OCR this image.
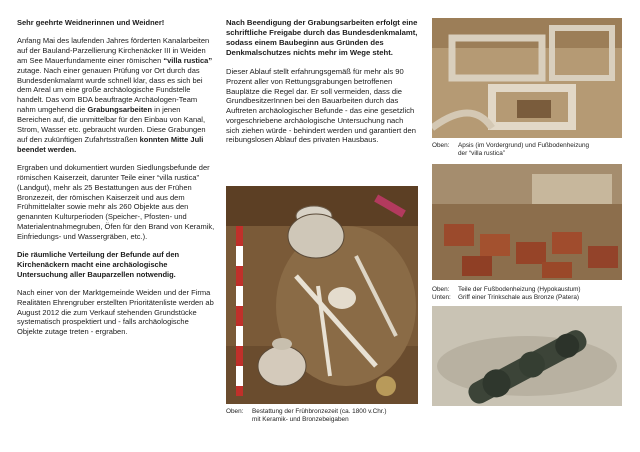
Sehr geehrte Weidnerinnen und Weidner!

Anfang Mai des laufenden Jahres förderten Kanalarbeiten auf der Bauland-Parzellierung Kirchenäcker III in Weiden am See Mauerfundamente einer römischen “villa rustica” zutage. Nach einer genauen Prüfung vor Ort durch das Bundesdenkmalamt wurde schnell klar, dass es sich bei dem Areal um eine große archäologische Fundstelle handelt. Das vom BDA beauftragte Archäologen-Team nahm umgehend die Grabungsarbeiten in jenen Bereichen auf, die unmittelbar für den Einbau von Kanal, Strom, Wasser etc. gebraucht wurden. Diese Grabungen auf den zukünftigen Zufahrtsstraßen konnten Mitte Juli beendet werden.

Ergraben und dokumentiert wurden Siedlungsbefunde der römischen Kaiserzeit, darunter Teile einer “villa rustica” (Landgut), mehr als 25 Bestattungen aus der Frühen Bronzezeit, der römischen Kaiserzeit und aus dem Frühmittelalter sowie mehr als 260 Objekte aus den genannten Kulturperioden (Speicher-, Pfosten- und Materialentnahmegruben, Öfen für den Brand von Keramik, Einfriedungs- und Wassergräben, etc.).

Die räumliche Verteilung der Befunde auf den Kirchenäckern macht eine archäologische Untersuchung aller Bauparzellen notwendig.

Nach einer von der Marktgemeinde Weiden und der Firma Realitäten Ehrengruber erstellten Prioritätenliste werden ab August 2012 die zum Verkauf stehenden Grundstücke systematisch prospektiert und - falls archäologische Objekte zutage treten - ergraben.

Nach Beendigung der Grabungsarbeiten erfolgt eine schriftliche Freigabe durch das Bundesdenkmalamt, sodass einem Baubeginn aus Gründen des Denkmalschutzes nichts mehr im Wege steht.

Dieser Ablauf stellt erfahrungsgemäß für mehr als 90 Prozent aller von Rettungsgrabungen betroffenen Bauplätze die Regel dar. Er soll vermeiden, dass die GrundbesitzerInnen bei den Bauarbeiten durch das Auftreten archäologischer Befunde - das eine gesetzlich vorgeschriebene archäologische Untersuchung nach sich ziehen würde - behindert werden und garantiert den reibungslosen Ablauf des privaten Hausbaus.

Oben: Bestattung der Frühbronzezeit (ca. 1800 v.Chr.)
mit Keramik- und Bronzebeigaben
Oben: Apsis (im Vordergrund) und Fußbodenheizung
der “villa rustica”
Oben: Teile der Fußbodenheizung (Hypokaustum)
Unten: Griff einer Trinkschale aus Bronze (Patera)
